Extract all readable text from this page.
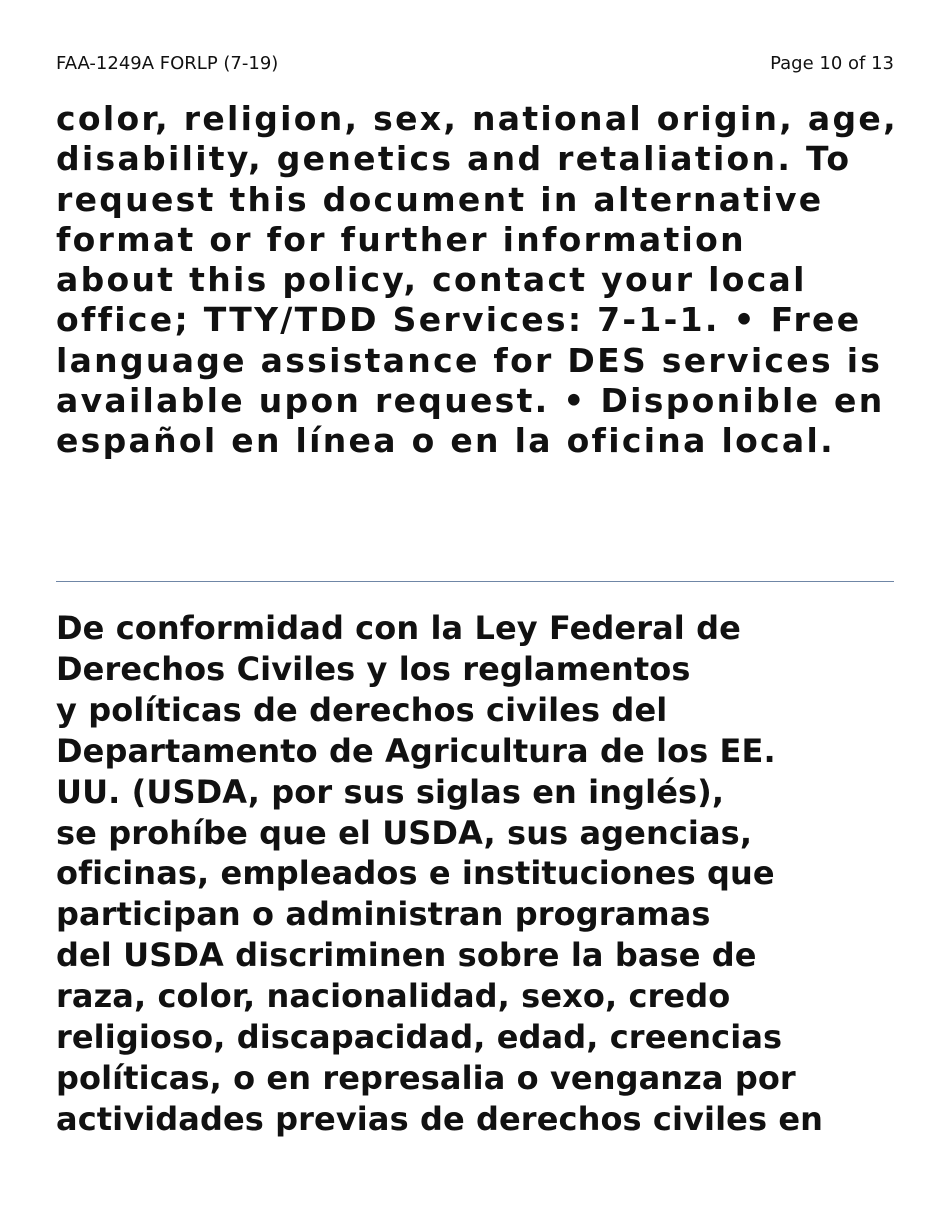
FAA-1249A FORLP (7-19)	Page 10 of 13
color, religion, sex, national origin, age,
disability, genetics and retaliation. To
request this document in alternative
format or for further information
about this policy, contact your local
office; TTY/TDD Services: 7-1-1. • Free
language assistance for DES services is
available upon request. • Disponible en
español en línea o en la oficina local.
De conformidad con la Ley Federal de
Derechos Civiles y los reglamentos
y políticas de derechos civiles del
Departamento de Agricultura de los EE.
UU. (USDA, por sus siglas en inglés),
se prohíbe que el USDA, sus agencias,
oficinas, empleados e instituciones que
participan o administran programas
del USDA discriminen sobre la base de
raza, color, nacionalidad, sexo, credo
religioso, discapacidad, edad, creencias
políticas, o en represalia o venganza por
actividades previas de derechos civiles en
